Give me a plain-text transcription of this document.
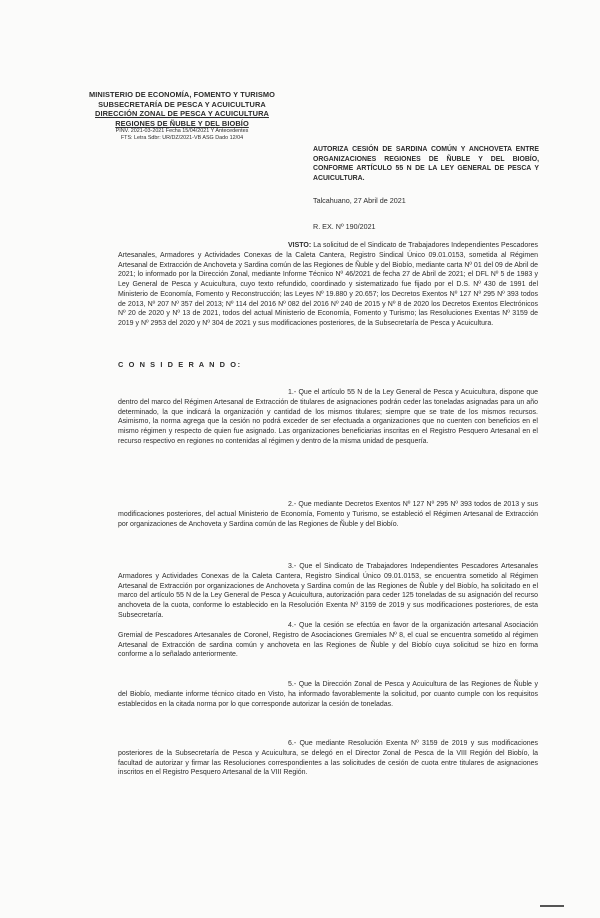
MINISTERIO DE ECONOMÍA, FOMENTO Y TURISMO
SUBSECRETARÍA DE PESCA Y ACUICULTURA
DIRECCIÓN ZONAL DE PESCA Y ACUICULTURA
REGIONES DE ÑUBLE Y DEL BIOBÍO
PINV. 2021-03-2021 Fecha 15/04/2021 Y Antecedentes
FTS: Letra Sdbr: UR/DZ/2021-VB ASG Dado 12/04
AUTORIZA CESIÓN DE SARDINA COMÚN Y ANCHOVETA ENTRE ORGANIZACIONES REGIONES DE ÑUBLE Y DEL BIOBÍO, CONFORME ARTÍCULO 55 N DE LA LEY GENERAL DE PESCA Y ACUICULTURA.
Talcahuano, 27 Abril de 2021
R. EX. Nº 190/2021
VISTO: La solicitud de el Sindicato de Trabajadores Independientes Pescadores Artesanales, Armadores y Actividades Conexas de la Caleta Cantera, Registro Sindical Único 09.01.0153, sometida al Régimen Artesanal de Extracción de Anchoveta y Sardina común de las Regiones de Ñuble y del Biobío, mediante carta Nº 01 del 09 de Abril de 2021; lo informado por la Dirección Zonal, mediante Informe Técnico Nº 46/2021 de fecha 27 de Abril de 2021; el DFL Nº 5 de 1983 y Ley General de Pesca y Acuicultura, cuyo texto refundido, coordinado y sistematizado fue fijado por el D.S. Nº 430 de 1991 del Ministerio de Economía, Fomento y Reconstrucción; las Leyes Nº 19.880 y 20.657; los Decretos Exentos Nº 127 Nº 295 Nº 393 todos de 2013, Nº 207 Nº 357 del 2013; Nº 114 del 2016 Nº 082 del 2016 Nº 240 de 2015 y Nº 8 de 2020 los Decretos Exentos Electrónicos Nº 20 de 2020 y Nº 13 de 2021, todos del actual Ministerio de Economía, Fomento y Turismo; las Resoluciones Exentas Nº 3159 de 2019 y Nº 2953 del 2020 y Nº 304 de 2021 y sus modificaciones posteriores, de la Subsecretaría de Pesca y Acuicultura.
C O N S I D E R A N D O:
1.- Que el artículo 55 N de la Ley General de Pesca y Acuicultura, dispone que dentro del marco del Régimen Artesanal de Extracción de titulares de asignaciones podrán ceder las toneladas asignadas para un año determinado, la que indicará la organización y cantidad de los mismos titulares; siempre que se trate de los mismos recursos. Asimismo, la norma agrega que la cesión no podrá exceder de ser efectuada a organizaciones que no cuenten con beneficios en el mismo régimen y respecto de quien fue asignado. Las organizaciones beneficiarias inscritas en el Registro Pesquero Artesanal en el recurso respectivo en regiones no contenidas al régimen y dentro de la misma unidad de pesquería.
2.- Que mediante Decretos Exentos Nº 127 Nº 295 Nº 393 todos de 2013 y sus modificaciones posteriores, del actual Ministerio de Economía, Fomento y Turismo, se estableció el Régimen Artesanal de Extracción por organizaciones de Anchoveta y Sardina común de las Regiones de Ñuble y del Biobío.
3.- Que el Sindicato de Trabajadores Independientes Pescadores Artesanales Armadores y Actividades Conexas de la Caleta Cantera, Registro Sindical Único 09.01.0153, se encuentra sometido al Régimen Artesanal de Extracción por organizaciones de Anchoveta y Sardina común de las Regiones de Ñuble y del Biobío, ha solicitado en el marco del artículo 55 N de la Ley General de Pesca y Acuicultura, autorización para ceder 125 toneladas de su asignación del recurso anchoveta de la cuota, conforme lo establecido en la Resolución Exenta Nº 3159 de 2019 y sus modificaciones posteriores, de esta Subsecretaría.
4.- Que la cesión se efectúa en favor de la organización artesanal Asociación Gremial de Pescadores Artesanales de Coronel, Registro de Asociaciones Gremiales Nº 8, el cual se encuentra sometido al régimen Artesanal de Extracción de sardina común y anchoveta en las Regiones de Ñuble y del Biobío cuya solicitud se hizo en forma conforme a lo señalado anteriormente.
5.- Que la Dirección Zonal de Pesca y Acuicultura de las Regiones de Ñuble y del Biobío, mediante informe técnico citado en Visto, ha informado favorablemente la solicitud, por cuanto cumple con los requisitos establecidos en la citada norma por lo que corresponde autorizar la cesión de toneladas.
6.- Que mediante Resolución Exenta Nº 3159 de 2019 y sus modificaciones posteriores de la Subsecretaría de Pesca y Acuicultura, se delegó en el Director Zonal de Pesca de la VIII Región del Biobío, la facultad de autorizar y firmar las Resoluciones correspondientes a las solicitudes de cesión de cuota entre titulares de asignaciones inscritos en el Registro Pesquero Artesanal de la VIII Región.
